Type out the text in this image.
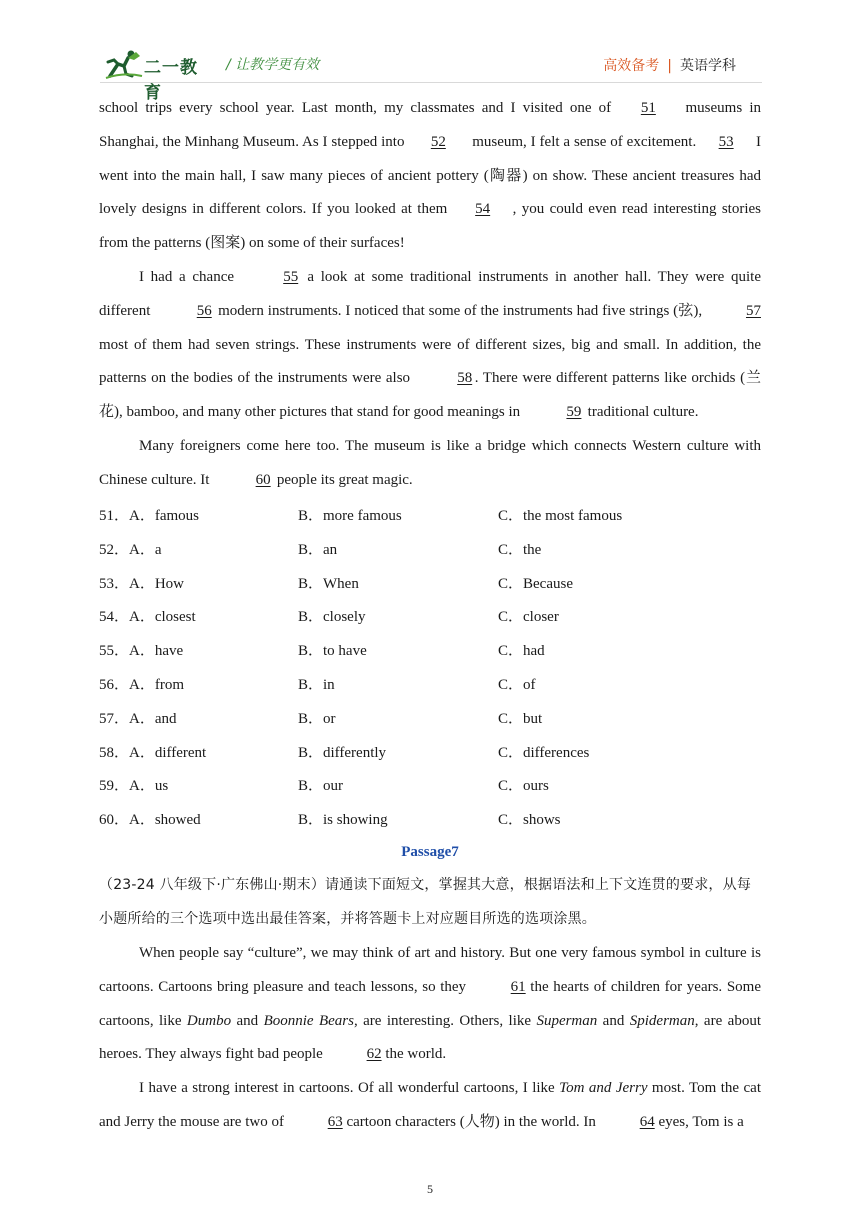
二一教育
/ 让教学更有效	高效备考 | 英语学科

school trips every school year. Last month, my classmates and I visited one of 51 museums in Shanghai, the Minhang Museum. As I stepped into 52 museum, I felt a sense of excitement. 53 I went into the main hall, I saw many pieces of ancient pottery (陶器) on show. These ancient treasures had lovely designs in different colors. If you looked at them 54 , you could even read interesting stories from the patterns (图案) on some of their surfaces!

I had a chance	55 a look at some traditional instruments in another hall. They were quite different	56 modern instruments. I noticed that some of the instruments had five strings (弦),	57 most of them had seven strings. These instruments were of different sizes, big and small. In addition, the patterns on the bodies of the instruments were also	58 . There were different patterns like orchids (兰花), bamboo, and many other pictures that stand for good meanings in	59 traditional culture.

Many foreigners come here too. The museum is like a bridge which connects Western culture with Chinese culture. It	60 people its great magic.

51． A．famous	B．more famous	C．the most famous
52． A．a	B．an	C．the
53． A．How	B．When	C．Because
54． A．closest	B．closely	C．closer
55． A．have	B．to have	C．had
56． A．from	B．in	C．of
57． A．and	B．or	C．but
58． A．different	B．differently	C．differences
59． A．us	B．our	C．ours
60． A．showed	B．is showing	C．shows
Passage7

（23-24 八年级下·广东佛山·期末）请通读下面短文，掌握其大意，根据语法和上下文连贯的要求，从每小题所给的三个选项中选出最佳答案，并将答题卡上对应题目所选的选项涂黑。

When people say “culture”, we may think of art and history. But one very famous symbol in culture is cartoons. Cartoons bring pleasure and teach lessons, so they	61 the hearts of children for years. Some cartoons, like Dumbo and Boonnie Bears, are interesting. Others, like Superman and Spiderman, are about heroes. They always fight bad people	62 the world.

I have a strong interest in cartoons. Of all wonderful cartoons, I like Tom and Jerry most. Tom the cat and Jerry the mouse are two of	63 cartoon characters (人物) in the world. In	64 eyes, Tom is a

5
